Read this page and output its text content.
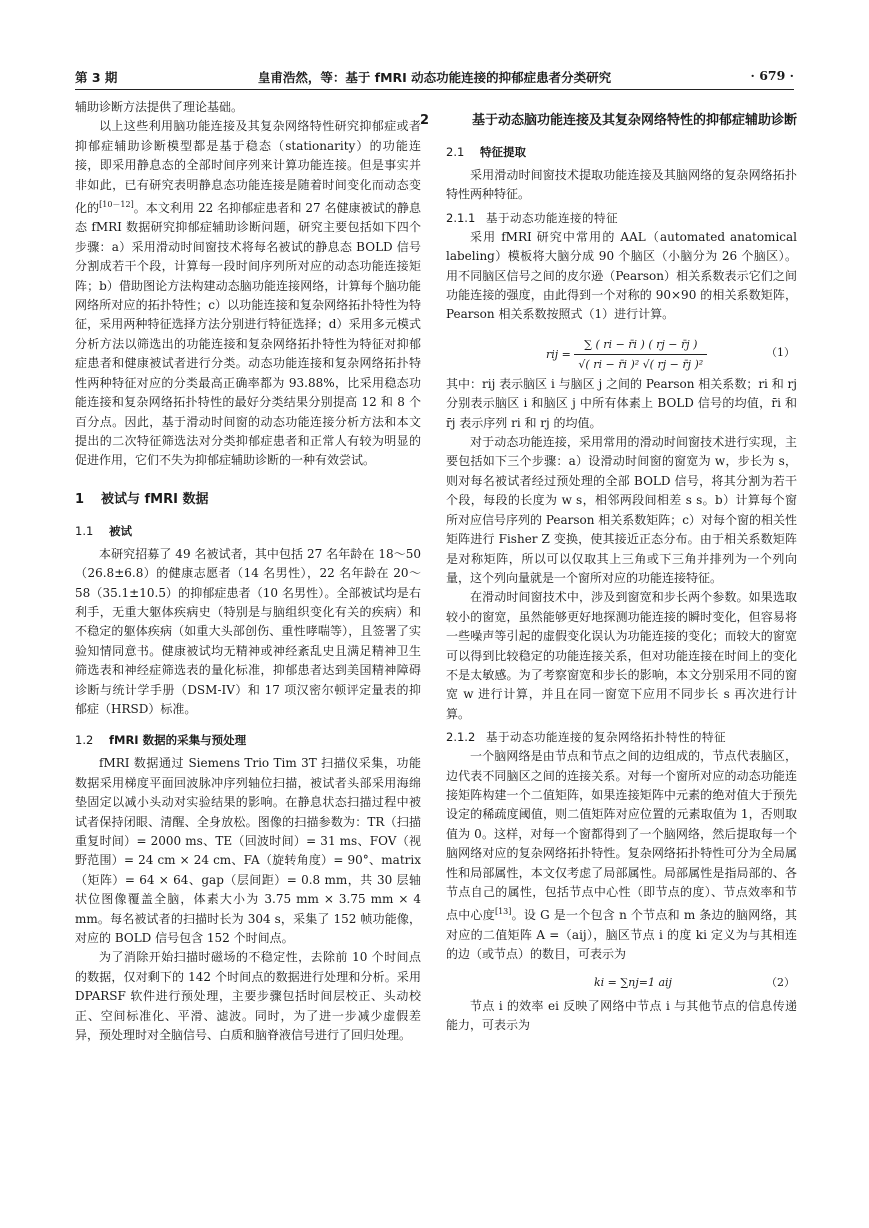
第 3 期	皇甫浩然，等：基于 fMRI 动态功能连接的抑郁症患者分类研究	· 679 ·

辅助诊断方法提供了理论基础。

以上这些利用脑功能连接及其复杂网络特性研究抑郁症或者抑郁症辅助诊断模型都是基于稳态（stationarity）的功能连接，即采用静息态的全部时间序列来计算功能连接。但是事实并非如此，已有研究表明静息态功能连接是随着时间变化而动态变化的[10－12]。本文利用 22 名抑郁症患者和 27 名健康被试的静息态 fMRI 数据研究抑郁症辅助诊断问题，研究主要包括如下四个步骤：a）采用滑动时间窗技术将每名被试的静息态 BOLD 信号分割成若干个段，计算每一段时间序列所对应的动态功能连接矩阵；b）借助图论方法构建动态脑功能连接网络，计算每个脑功能网络所对应的拓扑特性；c）以功能连接和复杂网络拓扑特性为特征，采用两种特征选择方法分别进行特征选择；d）采用多元模式分析方法以筛选出的功能连接和复杂网络拓扑特性为特征对抑郁症患者和健康被试者进行分类。动态功能连接和复杂网络拓扑特性两种特征对应的分类最高正确率都为 93.88%，比采用稳态功能连接和复杂网络拓扑特性的最好分类结果分别提高 12 和 8 个百分点。因此，基于滑动时间窗的动态功能连接分析方法和本文提出的二次特征筛选法对分类抑郁症患者和正常人有较为明显的促进作用，它们不失为抑郁症辅助诊断的一种有效尝试。

1 被试与 fMRI 数据
1.1 被试

本研究招募了 49 名被试者，其中包括 27 名年龄在 18～50（26.8±6.8）的健康志愿者（14 名男性），22 名年龄在 20～58（35.1±10.5）的抑郁症患者（10 名男性）。全部被试均是右利手，无重大躯体疾病史（特别是与脑组织变化有关的疾病）和不稳定的躯体疾病（如重大头部创伤、重性哮喘等），且签署了实验知情同意书。健康被试均无精神或神经紊乱史且满足精神卫生筛选表和神经症筛选表的量化标准，抑郁患者达到美国精神障碍诊断与统计学手册（DSM-IV）和 17 项汉密尔顿评定量表的抑郁症（HRSD）标准。

1.2 fMRI 数据的采集与预处理

fMRI 数据通过 Siemens Trio Tim 3T 扫描仪采集，功能数据采用梯度平面回波脉冲序列轴位扫描，被试者头部采用海绵垫固定以减小头动对实验结果的影响。在静息状态扫描过程中被试者保持闭眼、清醒、全身放松。图像的扫描参数为：TR（扫描重复时间）= 2000 ms、TE（回波时间）= 31 ms、FOV（视野范围）= 24 cm × 24 cm、FA（旋转角度）= 90°、matrix（矩阵）= 64 × 64、gap（层间距）= 0.8 mm，共 30 层轴状位图像覆盖全脑，体素大小为 3.75 mm × 3.75 mm × 4 mm。每名被试者的扫描时长为 304 s，采集了 152 帧功能像，对应的 BOLD 信号包含 152 个时间点。

为了消除开始扫描时磁场的不稳定性，去除前 10 个时间点的数据，仅对剩下的 142 个时间点的数据进行处理和分析。采用 DPARSF 软件进行预处理，主要步骤包括时间层校正、头动校正、空间标准化、平滑、滤波。同时，为了进一步减少虚假差异，预处理时对全脑信号、白质和脑脊液信号进行了回归处理。

2	基于动态脑功能连接及其复杂网络特性的抑郁症辅助诊断
2.1 特征提取

采用滑动时间窗技术提取功能连接及其脑网络的复杂网络拓扑特性两种特征。

2.1.1 基于动态功能连接的特征

采用 fMRI 研究中常用的 AAL（automated anatomical labeling）模板将大脑分成 90 个脑区（小脑分为 26 个脑区）。用不同脑区信号之间的皮尔逊（Pearson）相关系数表示它们之间功能连接的强度，由此得到一个对称的 90×90 的相关系数矩阵，Pearson 相关系数按照式（1）进行计算。

rij = $\frac{\sum ( ri - r̄i ) ( rj - r̄j )}{\text{√( ri − r̄i )² √( rj − r̄j )²}}$	（1）

其中：rij 表示脑区 i 与脑区 j 之间的 Pearson 相关系数；ri 和 rj 分别表示脑区 i 和脑区 j 中所有体素上 BOLD 信号的均值，r̄i 和 r̄j 表示序列 ri 和 rj 的均值。

对于动态功能连接，采用常用的滑动时间窗技术进行实现，主要包括如下三个步骤：a）设滑动时间窗的窗宽为 w，步长为 s，则对每名被试者经过预处理的全部 BOLD 信号，将其分割为若干个段，每段的长度为 w s，相邻两段间相差 s s。b）计算每个窗所对应信号序列的 Pearson 相关系数矩阵；c）对每个窗的相关性矩阵进行 Fisher Z 变换，使其接近正态分布。由于相关系数矩阵是对称矩阵，所以可以仅取其上三角或下三角并排列为一个列向量，这个列向量就是一个窗所对应的功能连接特征。

在滑动时间窗技术中，涉及到窗宽和步长两个参数。如果选取较小的窗宽，虽然能够更好地探测功能连接的瞬时变化，但容易将一些噪声等引起的虚假变化误认为功能连接的变化；而较大的窗宽可以得到比较稳定的功能连接关系，但对功能连接在时间上的变化不是太敏感。为了考察窗宽和步长的影响，本文分别采用不同的窗宽 w 进行计算，并且在同一窗宽下应用不同步长 s 再次进行计算。

2.1.2 基于动态功能连接的复杂网络拓扑特性的特征

一个脑网络是由节点和节点之间的边组成的，节点代表脑区，边代表不同脑区之间的连接关系。对每一个窗所对应的动态功能连接矩阵构建一个二值矩阵，如果连接矩阵中元素的绝对值大于预先设定的稀疏度阈值，则二值矩阵对应位置的元素取值为 1，否则取值为 0。这样，对每一个窗都得到了一个脑网络，然后提取每一个脑网络对应的复杂网络拓扑特性。复杂网络拓扑特性可分为全局属性和局部属性，本文仅考虑了局部属性。局部属性是指局部的、各节点自己的属性，包括节点中心性（即节点的度）、节点效率和节点中心度[13]。设 G 是一个包含 n 个节点和 m 条边的脑网络，其对应的二值矩阵 A =（aij），脑区节点 i 的度 ki 定义为与其相连的边（或节点）的数目，可表示为

ki = ∑nj=1 aij	（2）

节点 i 的效率 ei 反映了网络中节点 i 与其他节点的信息传递能力，可表示为
